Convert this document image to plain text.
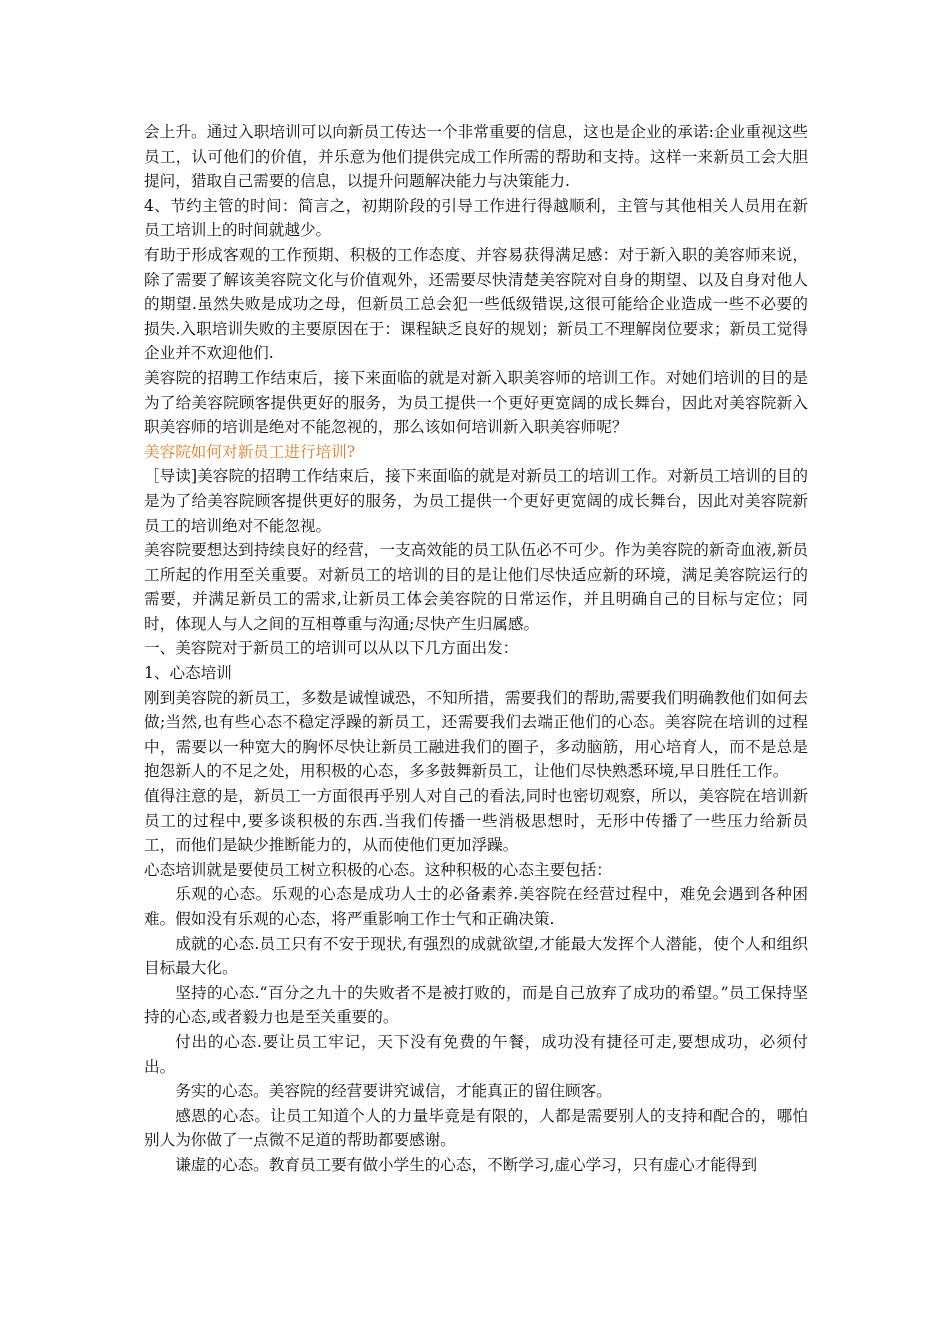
会上升。通过入职培训可以向新员工传达一个非常重要的信息，这也是企业的承诺:企业重视这些员工，认可他们的价值，并乐意为他们提供完成工作所需的帮助和支持。这样一来新员工会大胆提问，猎取自己需要的信息，以提升问题解决能力与决策能力.

4、节约主管的时间：简言之，初期阶段的引导工作进行得越顺利，主管与其他相关人员用在新员工培训上的时间就越少。

有助于形成客观的工作预期、积极的工作态度、并容易获得满足感：对于新入职的美容师来说，除了需要了解该美容院文化与价值观外，还需要尽快清楚美容院对自身的期望、以及自身对他人的期望.虽然失败是成功之母，但新员工总会犯一些低级错误,这很可能给企业造成一些不必要的损失.入职培训失败的主要原因在于：课程缺乏良好的规划；新员工不理解岗位要求；新员工觉得企业并不欢迎他们.

美容院的招聘工作结束后，接下来面临的就是对新入职美容师的培训工作。对她们培训的目的是为了给美容院顾客提供更好的服务，为员工提供一个更好更宽阔的成长舞台，因此对美容院新入职美容师的培训是绝对不能忽视的，那么该如何培训新入职美容师呢？

美容院如何对新员工进行培训?

［导读]美容院的招聘工作结束后，接下来面临的就是对新员工的培训工作。对新员工培训的目的是为了给美容院顾客提供更好的服务，为员工提供一个更好更宽阔的成长舞台，因此对美容院新员工的培训绝对不能忽视。

美容院要想达到持续良好的经营，一支高效能的员工队伍必不可少。作为美容院的新奇血液,新员工所起的作用至关重要。对新员工的培训的目的是让他们尽快适应新的环境，满足美容院运行的需要，并满足新员工的需求,让新员工体会美容院的日常运作，并且明确自己的目标与定位；同时，体现人与人之间的互相尊重与沟通;尽快产生归属感。

一、美容院对于新员工的培训可以从以下几方面出发：

1、心态培训

刚到美容院的新员工，多数是诚惶诚恐，不知所措，需要我们的帮助,需要我们明确教他们如何去做;当然,也有些心态不稳定浮躁的新员工，还需要我们去端正他们的心态。美容院在培训的过程中，需要以一种宽大的胸怀尽快让新员工融进我们的圈子，多动脑筋，用心培育人，而不是总是抱怨新人的不足之处，用积极的心态，多多鼓舞新员工，让他们尽快熟悉环境,早日胜任工作。

值得注意的是，新员工一方面很再乎别人对自己的看法,同时也密切观察，所以，美容院在培训新员工的过程中,要多谈积极的东西.当我们传播一些消极思想时，无形中传播了一些压力给新员工，而他们是缺少推断能力的，从而使他们更加浮躁。

心态培训就是要使员工树立积极的心态。这种积极的心态主要包括：

乐观的心态。乐观的心态是成功人士的必备素养.美容院在经营过程中，难免会遇到各种困难。假如没有乐观的心态，将严重影响工作士气和正确决策.

成就的心态.员工只有不安于现状,有强烈的成就欲望,才能最大发挥个人潜能，使个人和组织目标最大化。

坚持的心态.“百分之九十的失败者不是被打败的，而是自己放弃了成功的希望。”员工保持坚持的心态,或者毅力也是至关重要的。

付出的心态.要让员工牢记，天下没有免费的午餐，成功没有捷径可走,要想成功，必须付出。

务实的心态。美容院的经营要讲究诚信，才能真正的留住顾客。

感恩的心态。让员工知道个人的力量毕竟是有限的，人都是需要别人的支持和配合的，哪怕别人为你做了一点微不足道的帮助都要感谢。

谦虚的心态。教育员工要有做小学生的心态，不断学习,虚心学习，只有虚心才能得到
